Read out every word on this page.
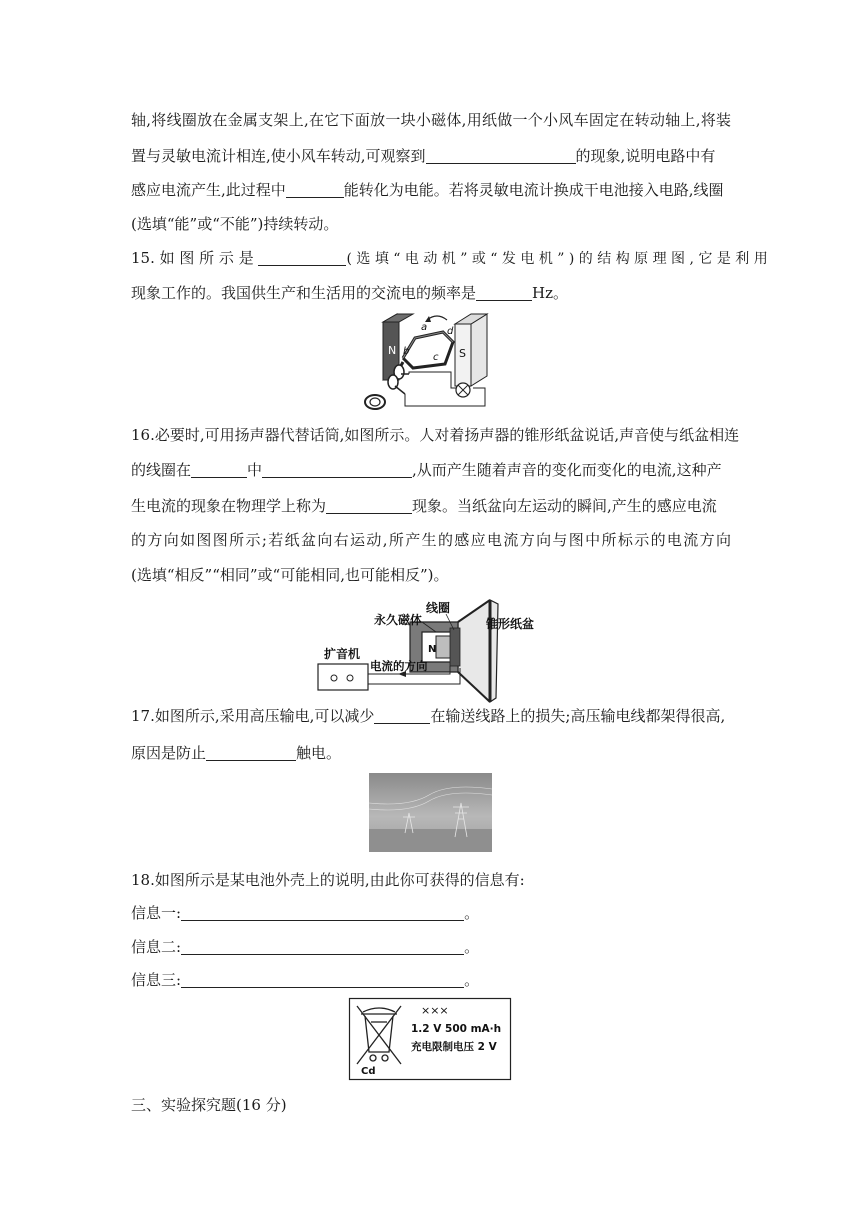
轴,将线圈放在金属支架上,在它下面放一块小磁体,用纸做一个小风车固定在转动轴上,将装
置与灵敏电流计相连,使小风车转动,可观察到	的现象,说明电路中有
感应电流产生,此过程中	能转化为电能。若将灵敏电流计换成干电池接入电路,线圈
(选填“能”或“不能”)持续转动。
15. 如 图 所 示 是	( 选 填 “ 电 动 机 ” 或 “ 发 电 机 ” ) 的 结 构 原 理 图 , 它 是 利 用
现象工作的。我国供生产和生活用的交流电的频率是	Hz。
N	S
a
b
c
d
16.必要时,可用扬声器代替话筒,如图所示。人对着扬声器的锥形纸盆说话,声音使与纸盆相连
的线圈在	中	,从而产生随着声音的变化而变化的电流,这种产
生电流的现象在物理学上称为	现象。当纸盆向左运动的瞬间,产生的感应电流
的方向如图图所示;若纸盆向右运动,所产生的感应电流方向与图中所标示的电流方向
(选填“相反”“相同”或“可能相同,也可能相反”)。
N
线圈
永久磁体	锥形纸盆
扩音机
电流的方向
17.如图所示,采用高压输电,可以减少	在输送线路上的损失;高压输电线都架得很高,
原因是防止	触电。
18.如图所示是某电池外壳上的说明,由此你可获得的信息有:
信息一:	。
信息二:	。
信息三:	。
Cd
×××
1.2 V 500 mA·h
充电限制电压 2 V
三、实验探究题(16 分)
